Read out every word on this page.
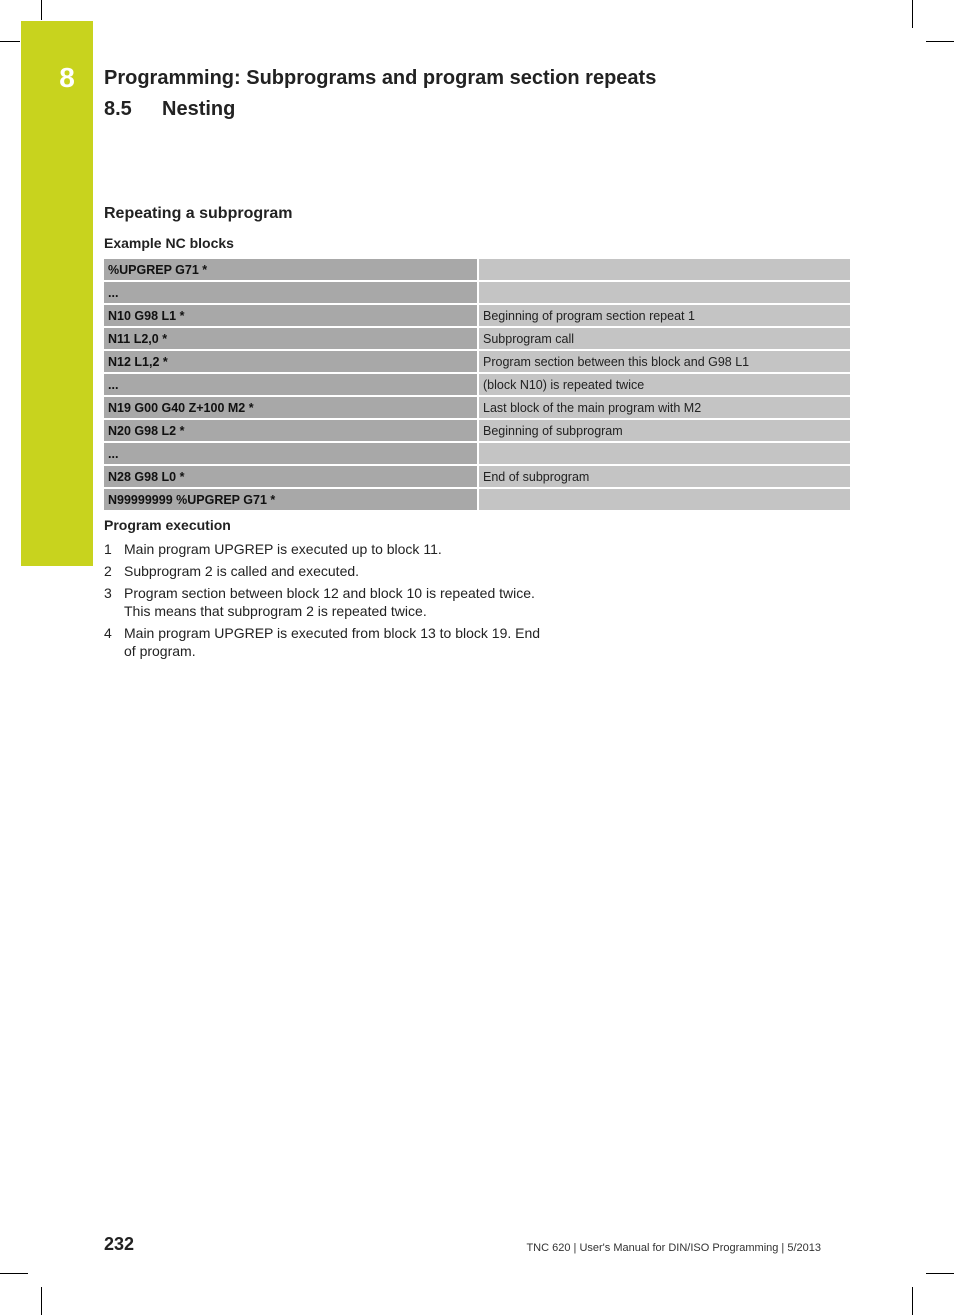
8	Programming: Subprograms and program section repeats
8.5 Nesting
Repeating a subprogram
Example NC blocks
%UPGREP G71 *	
...	
N10 G98 L1 *	Beginning of program section repeat 1
N11 L2,0 *	Subprogram call
N12 L1,2 *	Program section between this block and G98 L1
...	(block N10) is repeated twice
N19 G00 G40 Z+100 M2 *	Last block of the main program with M2
N20 G98 L2 *	Beginning of subprogram
...	
N28 G98 L0 *	End of subprogram
N99999999 %UPGREP G71 *	
Program execution
1 Main program UPGREP is executed up to block 11.
2 Subprogram 2 is called and executed.
3 Program section between block 12 and block 10 is repeated twice. This means that subprogram 2 is repeated twice.
4 Main program UPGREP is executed from block 13 to block 19. End of program.
232	TNC 620 | User's Manual for DIN/ISO Programming | 5/2013
